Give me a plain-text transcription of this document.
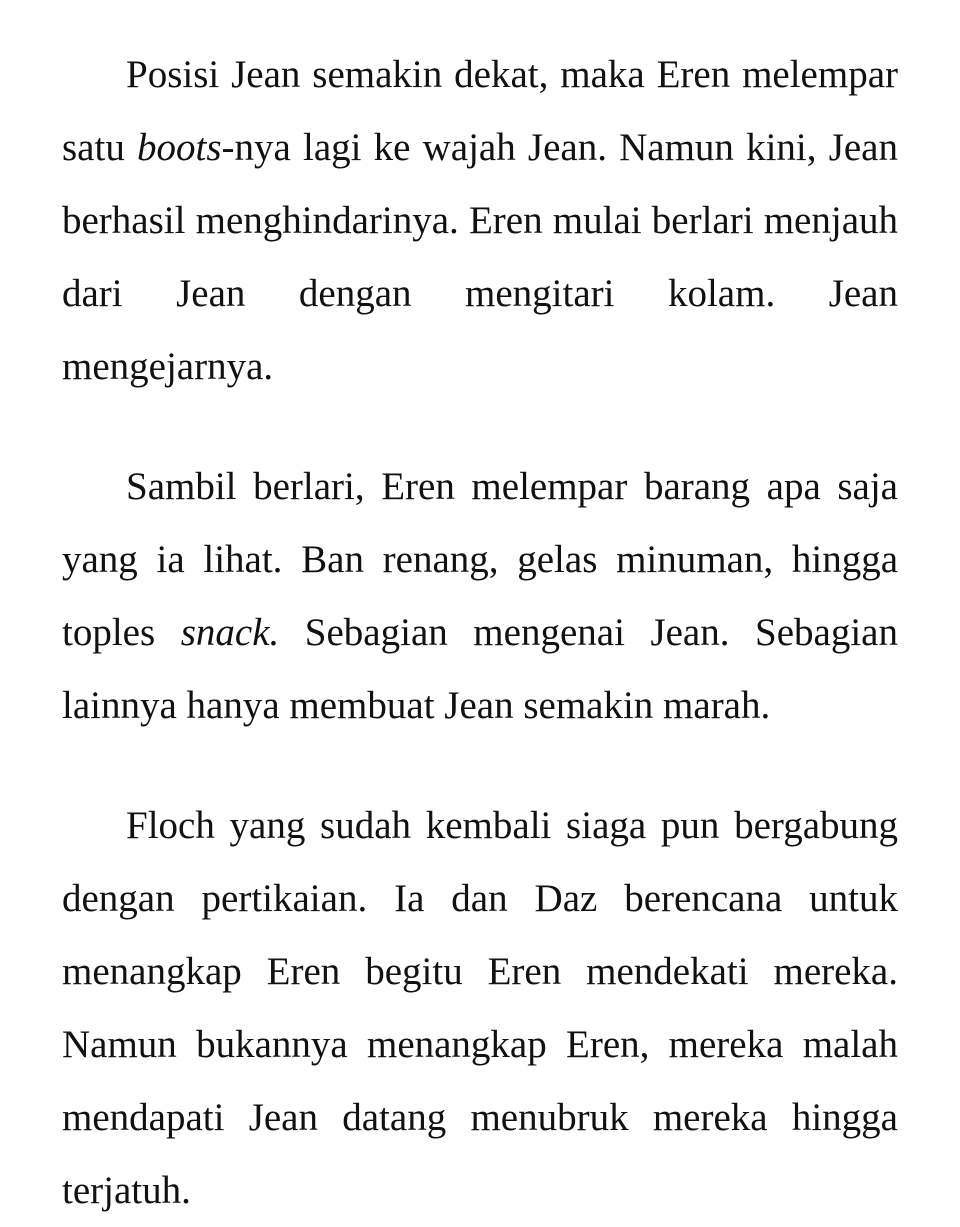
Posisi Jean semakin dekat, maka Eren melempar satu boots-nya lagi ke wajah Jean. Namun kini, Jean berhasil menghindarinya. Eren mulai berlari menjauh dari Jean dengan mengitari kolam. Jean mengejarnya.

Sambil berlari, Eren melempar barang apa saja yang ia lihat. Ban renang, gelas minuman, hingga toples snack. Sebagian mengenai Jean. Sebagian lainnya hanya membuat Jean semakin marah.

Floch yang sudah kembali siaga pun bergabung dengan pertikaian. Ia dan Daz berencana untuk menangkap Eren begitu Eren mendekati mereka. Namun bukannya menangkap Eren, mereka malah mendapati Jean datang menubruk mereka hingga terjatuh.
